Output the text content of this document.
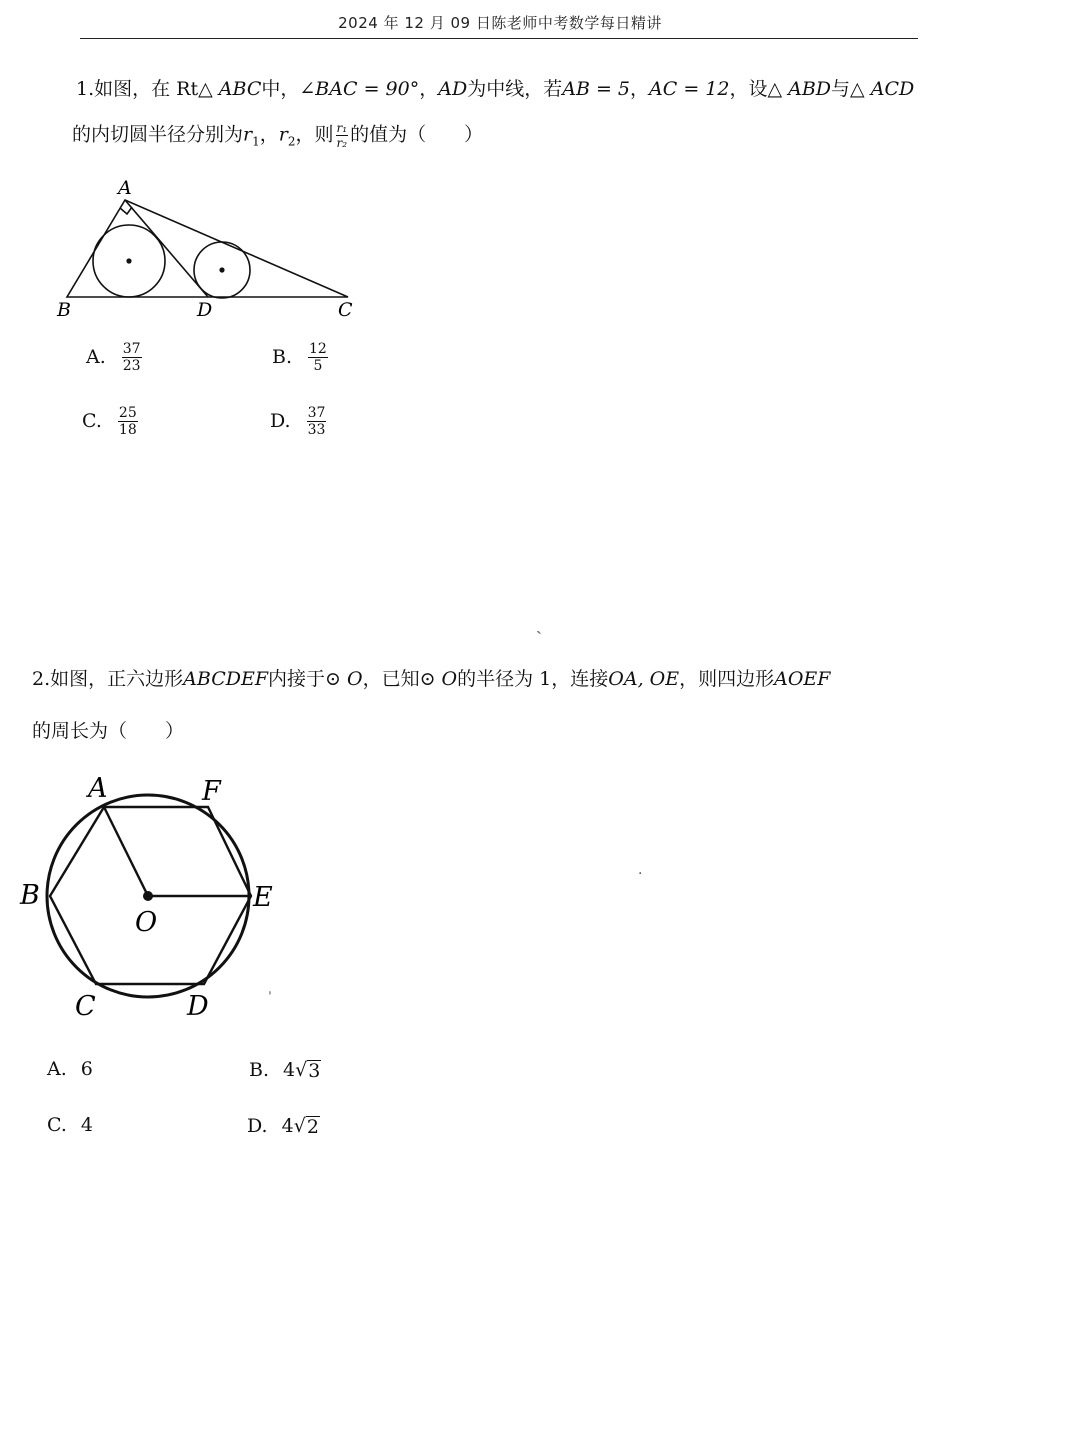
2024 年 12 月 09 日陈老师中考数学每日精讲
1.如图，在 Rt△ ABC中，∠BAC = 90°，AD为中线，若AB = 5，AC = 12，设△ ABD与△ ACD
的内切圆半径分别为$r_1$，$r_2$，则 $\frac{\text{r₁}}{\text{r₂}}$ 的值为（　　）
A
B	D	C
A. $\frac{37}{23}$	B. $\frac{12}{5}$
C. $\frac{25}{18}$	D. $\frac{37}{33}$
ˏ
·
ˈ
2.如图，正六边形ABCDEF内接于⊙ O，已知⊙ O的半径为 1，连接OA, OE，则四边形AOEF
的周长为（　　）
A	F
B	E
O
C	D
A. 6	B. 4 √ 3
C. 4	D. 4 √ 2
